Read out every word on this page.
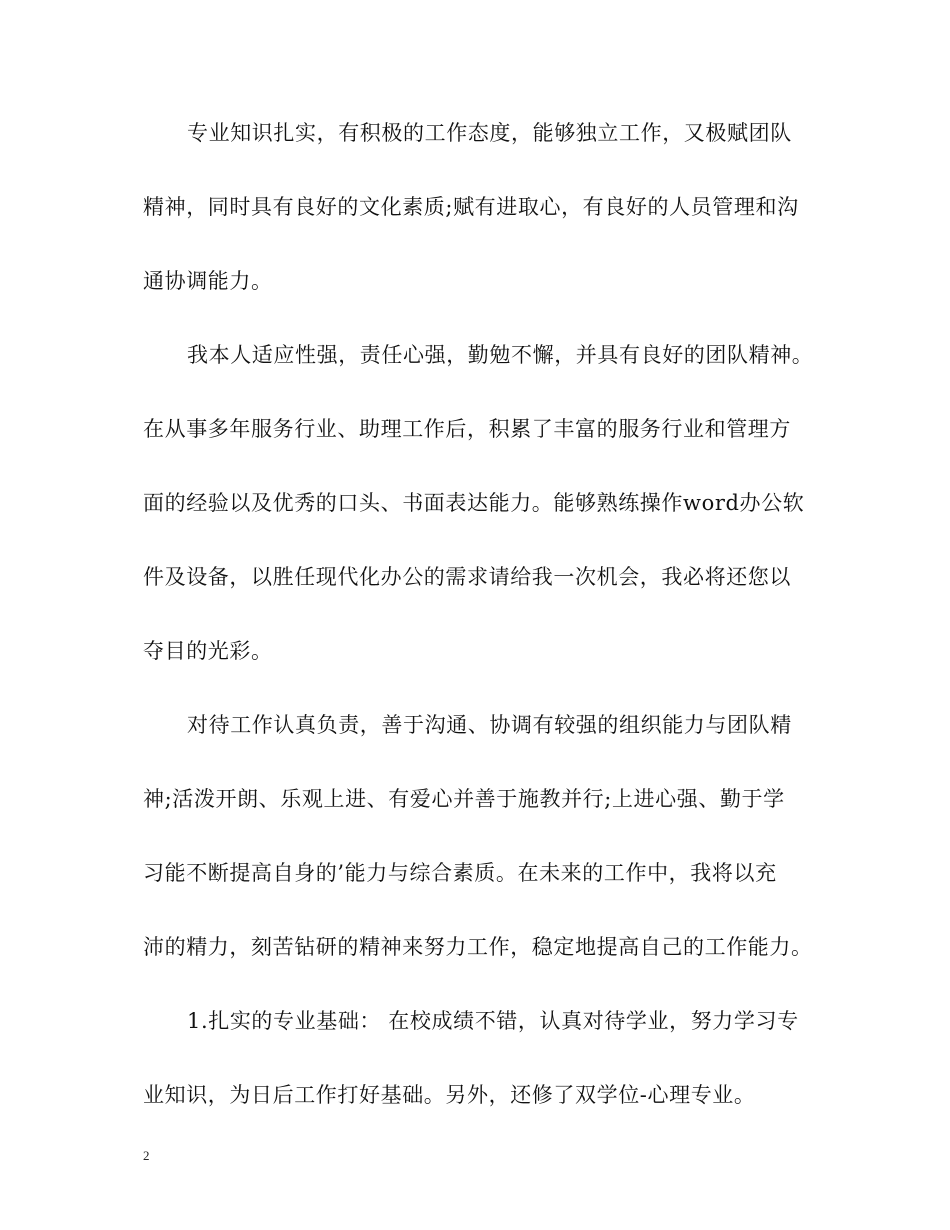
专业知识扎实，有积极的工作态度，能够独立工作，又极赋团队
精神，同时具有良好的文化素质;赋有进取心，有良好的人员管理和沟
通协调能力。

我本人适应性强，责任心强，勤勉不懈，并具有良好的团队精神。
在从事多年服务行业、助理工作后，积累了丰富的服务行业和管理方
面的经验以及优秀的口头、书面表达能力。能够熟练操作word办公软
件及设备，以胜任现代化办公的需求请给我一次机会，我必将还您以
夺目的光彩。

对待工作认真负责，善于沟通、协调有较强的组织能力与团队精
神;活泼开朗、乐观上进、有爱心并善于施教并行;上进心强、勤于学
习能不断提高自身的’能力与综合素质。在未来的工作中，我将以充
沛的精力，刻苦钻研的精神来努力工作，稳定地提高自己的工作能力。

1.扎实的专业基础： 在校成绩不错，认真对待学业，努力学习专
业知识，为日后工作打好基础。另外，还修了双学位-心理专业。

2
